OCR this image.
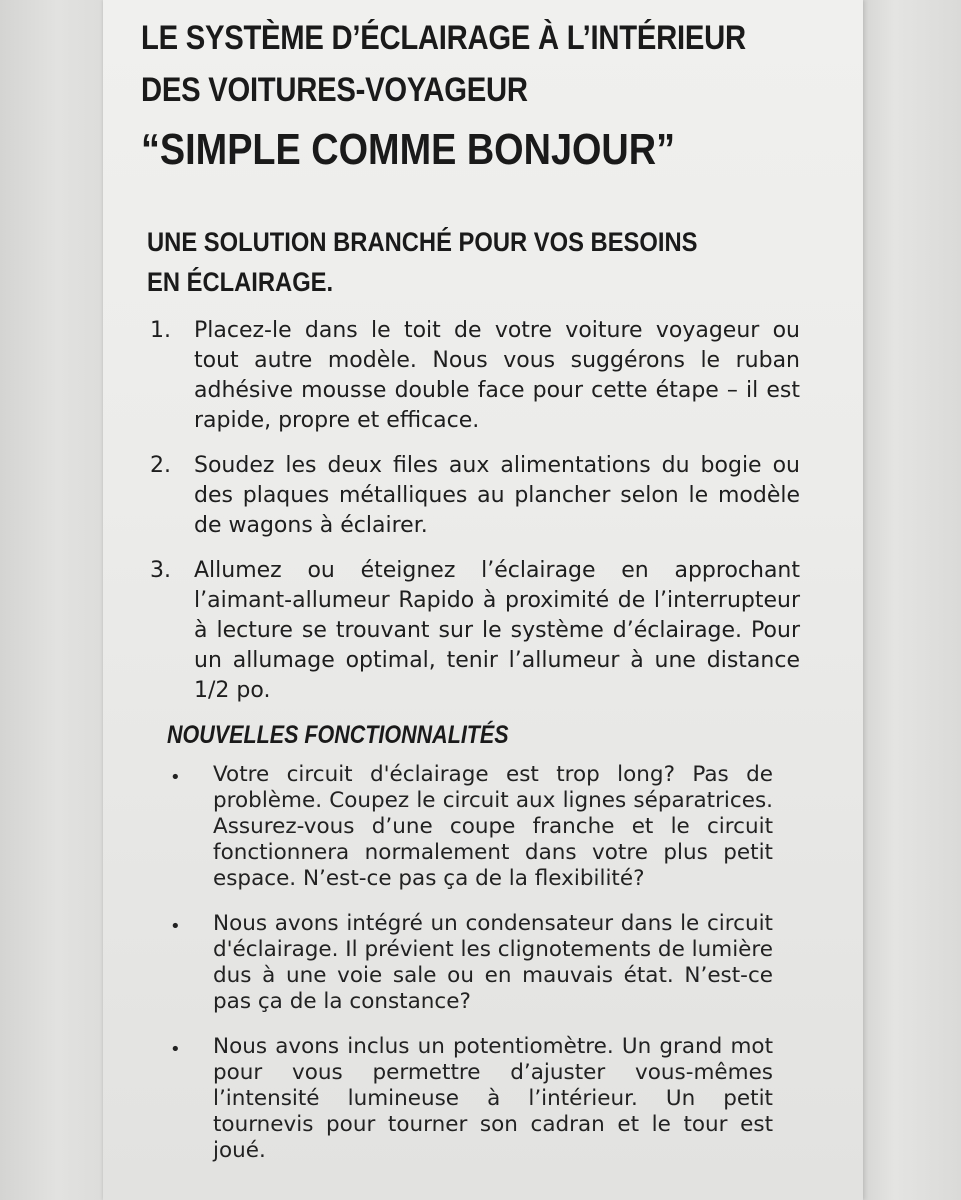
LE SYSTÈME D’ÉCLAIRAGE À L’INTÉRIEUR
DES VOITURES-VOYAGEUR
“SIMPLE COMME BONJOUR”
UNE SOLUTION BRANCHÉ POUR VOS BESOINS
EN ÉCLAIRAGE.
1. Placez-le dans le toit de votre voiture voyageur ou tout autre modèle. Nous vous suggérons le ruban adhésive mousse double face pour cette étape – il est rapide, propre et efficace.
2. Soudez les deux files aux alimentations du bogie ou des plaques métalliques au plancher selon le modèle de wagons à éclairer.
3. Allumez ou éteignez l’éclairage en approchant l’aimant-allumeur Rapido à proximité de l’interrupteur à lecture se trouvant sur le système d’éclairage. Pour un allumage optimal, tenir l’allumeur à une distance 1/2 po.
NOUVELLES FONCTIONNALITÉS
• Votre circuit d'éclairage est trop long? Pas de problème. Coupez le circuit aux lignes séparatrices. Assurez-vous d’une coupe franche et le circuit fonctionnera normalement dans votre plus petit espace. N’est-ce pas ça de la flexibilité?
• Nous avons intégré un condensateur dans le circuit d'éclairage. Il prévient les clignotements de lumière dus à une voie sale ou en mauvais état. N’est-ce pas ça de la constance?
• Nous avons inclus un potentiomètre. Un grand mot pour vous permettre d’ajuster vous-mêmes l’intensité lumineuse à l’intérieur. Un petit tournevis pour tourner son cadran et le tour est joué.
